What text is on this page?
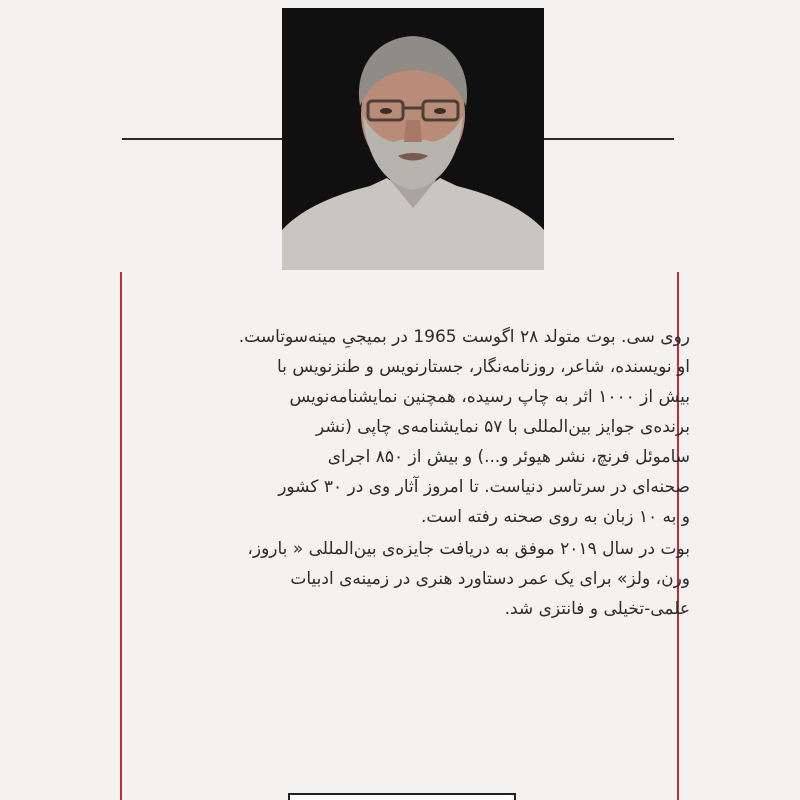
روی سی. بوت متولد ۲۸ اگوست 1965 در بمیجیِ مینه‌سوتاست.

او نویسنده، شاعر، روزنامه‌نگار، جستارنویس و طنزنویس با

بیش از ۱۰۰۰ اثر به چاپ رسیده، همچنین نمایشنامه‌نویس

برنده‌ی جوایز بین‌المللی با ۵۷ نمایشنامه‌ی چاپی (نشر

ساموئل فرنچ، نشر هیوئر و...) و بیش از ۸۵۰ اجرای

صحنه‌ای در سرتاسر دنیاست. تا امروز آثار وی در ۳۰ کشور

و به ۱۰ زبان به روی صحنه رفته است.

بوت در سال ۲۰۱۹ موفق به دریافت جایزه‌ی بین‌المللی « باروز،

ورن، ولز» برای یک عمر دستاورد هنری در زمینه‌ی ادبیات

علمی-تخیلی و فانتزی شد.
